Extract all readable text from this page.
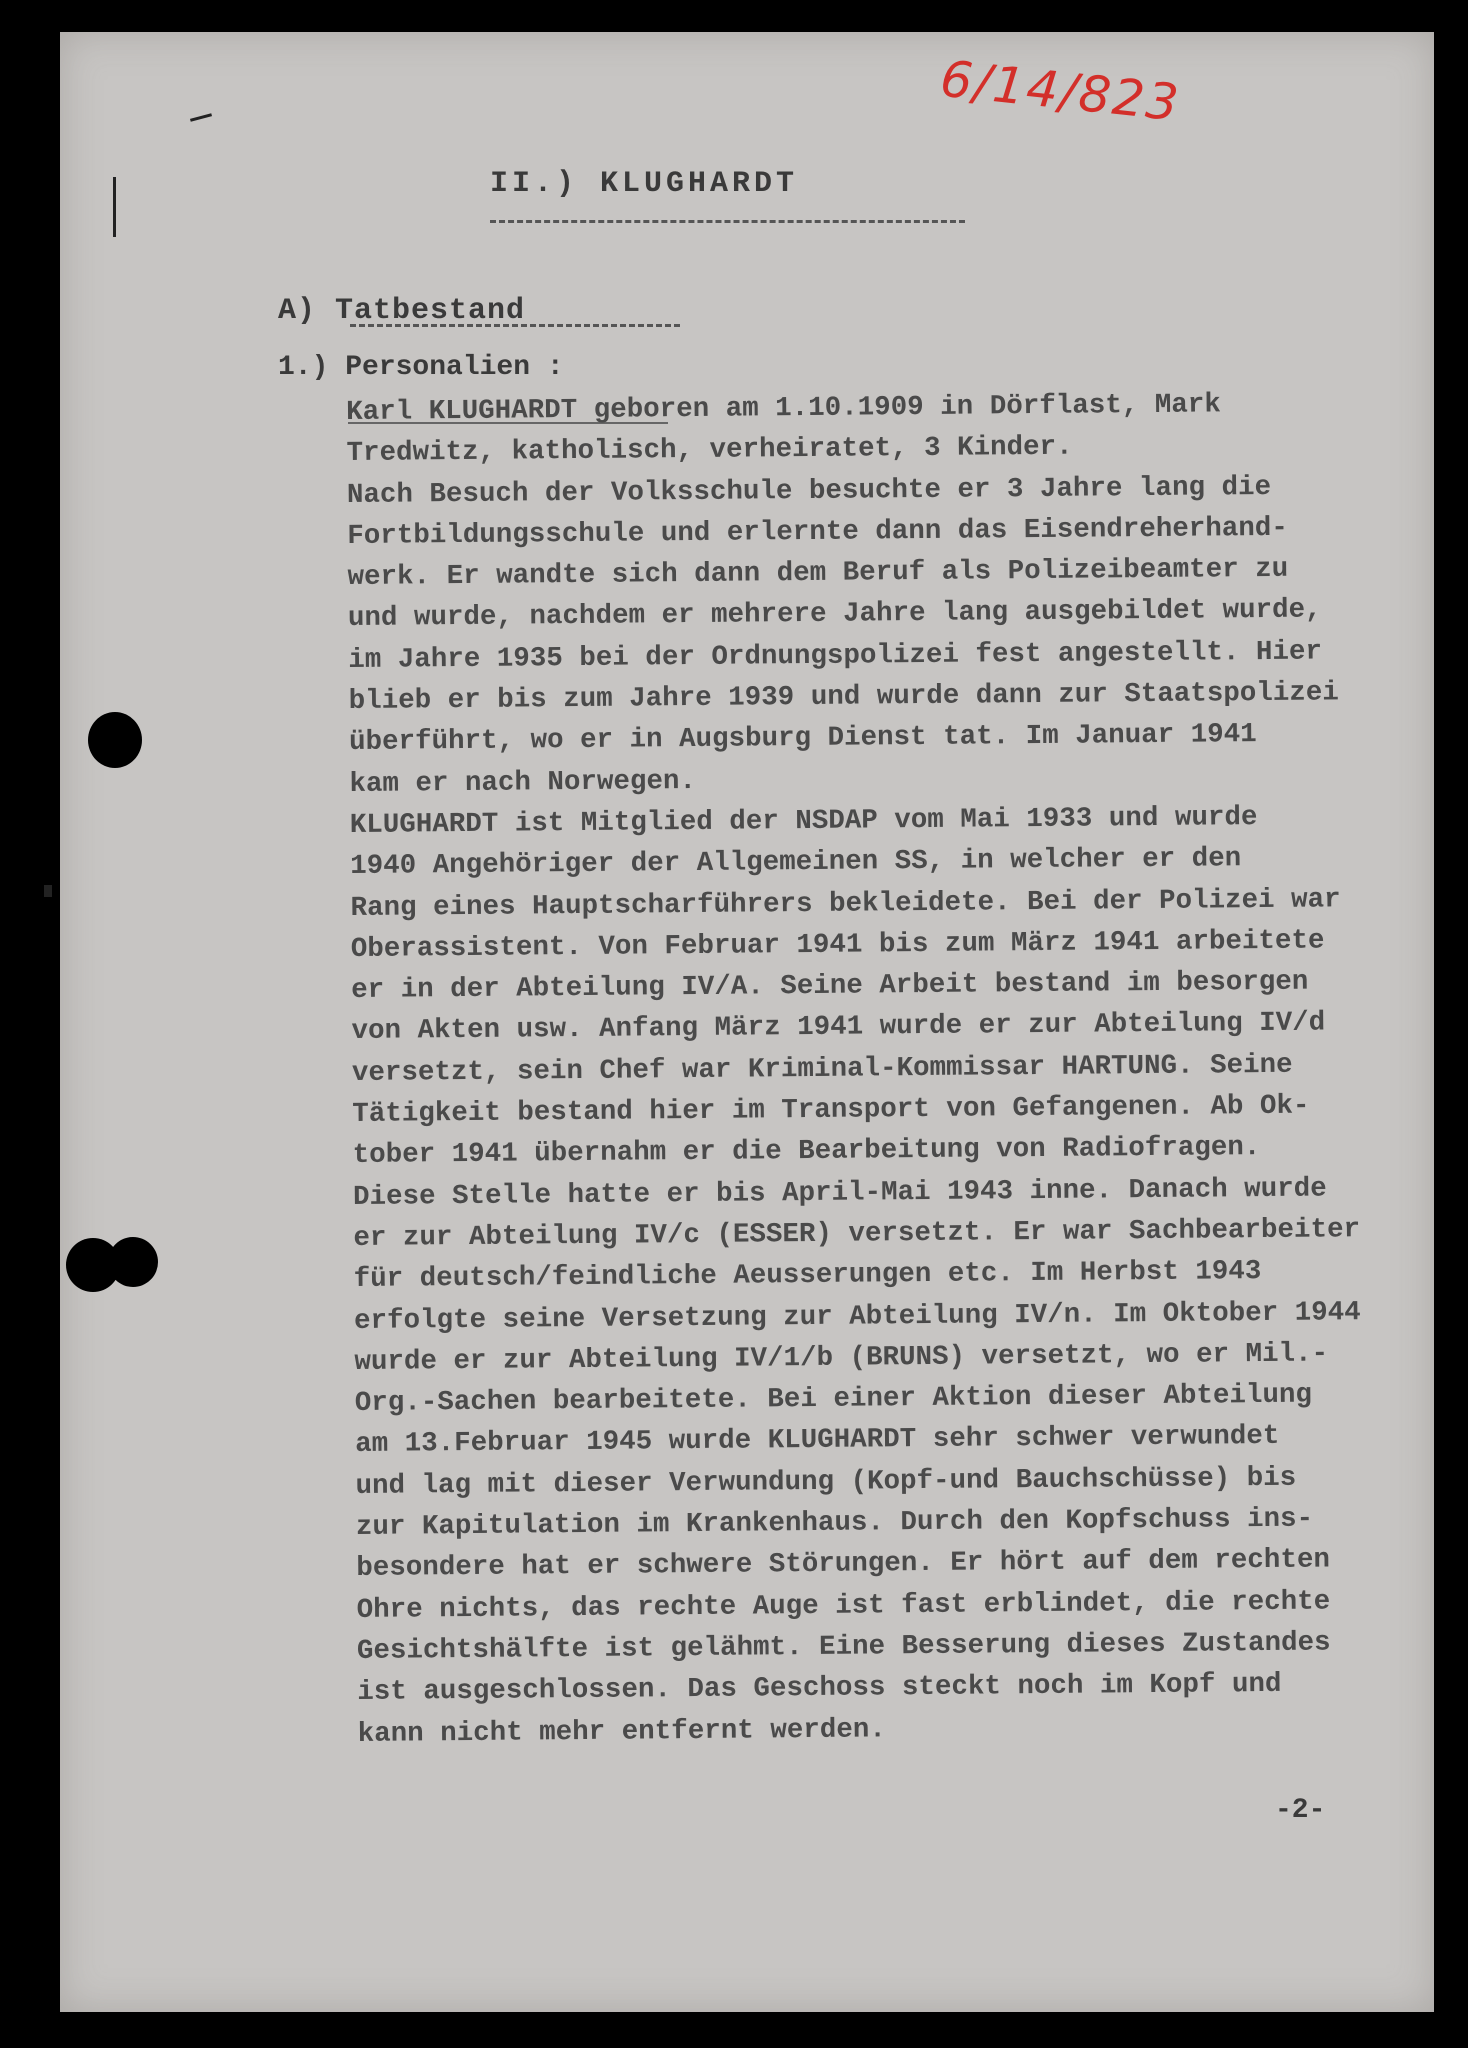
6/14/823
II.) KLUGHARDT
A) Tatbestand
1.) Personalien :
Karl KLUGHARDT geboren am 1.10.1909 in Dörflast, Mark
Tredwitz, katholisch, verheiratet, 3 Kinder.
Nach Besuch der Volksschule besuchte er 3 Jahre lang die
Fortbildungsschule und erlernte dann das Eisendreherhand-
werk. Er wandte sich dann dem Beruf als Polizeibeamter zu
und wurde, nachdem er mehrere Jahre lang ausgebildet wurde,
im Jahre 1935 bei der Ordnungspolizei fest angestellt. Hier
blieb er bis zum Jahre 1939 und wurde dann zur Staatspolizei
überführt, wo er in Augsburg Dienst tat. Im Januar 1941
kam er nach Norwegen.
KLUGHARDT ist Mitglied der NSDAP vom Mai 1933 und wurde
1940 Angehöriger der Allgemeinen SS, in welcher er den
Rang eines Hauptscharführers bekleidete. Bei der Polizei war
Oberassistent. Von Februar 1941 bis zum März 1941 arbeitete
er in der Abteilung IV/A. Seine Arbeit bestand im besorgen
von Akten usw. Anfang März 1941 wurde er zur Abteilung IV/d
versetzt, sein Chef war Kriminal-Kommissar HARTUNG. Seine
Tätigkeit bestand hier im Transport von Gefangenen. Ab Ok-
tober 1941 übernahm er die Bearbeitung von Radiofragen.
Diese Stelle hatte er bis April-Mai 1943 inne. Danach wurde
er zur Abteilung IV/c (ESSER) versetzt. Er war Sachbearbeiter
für deutsch/feindliche Aeusserungen etc. Im Herbst 1943
erfolgte seine Versetzung zur Abteilung IV/n. Im Oktober 1944
wurde er zur Abteilung IV/1/b (BRUNS) versetzt, wo er Mil.-
Org.-Sachen bearbeitete. Bei einer Aktion dieser Abteilung
am 13.Februar 1945 wurde KLUGHARDT sehr schwer verwundet
und lag mit dieser Verwundung (Kopf-und Bauchschüsse) bis
zur Kapitulation im Krankenhaus. Durch den Kopfschuss ins-
besondere hat er schwere Störungen. Er hört auf dem rechten
Ohre nichts, das rechte Auge ist fast erblindet, die rechte
Gesichtshälfte ist gelähmt. Eine Besserung dieses Zustandes
ist ausgeschlossen. Das Geschoss steckt noch im Kopf und
kann nicht mehr entfernt werden.
-2-
